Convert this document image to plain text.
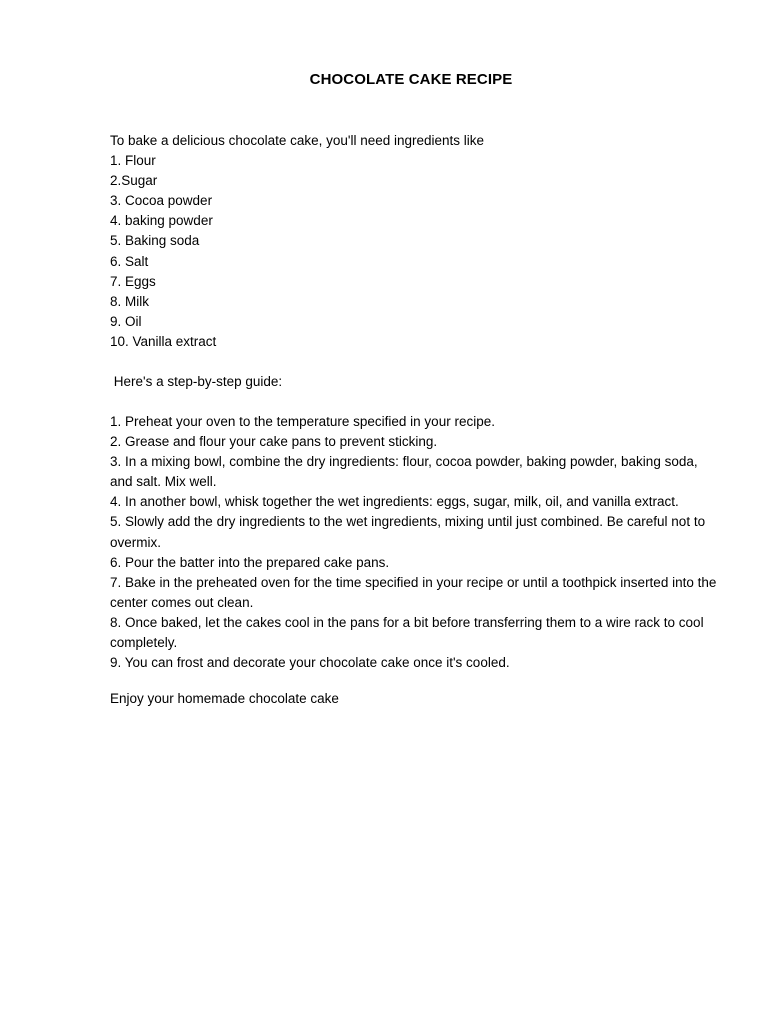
CHOCOLATE CAKE RECIPE
To bake a delicious chocolate cake, you'll need ingredients like
1. Flour
2.Sugar
3. Cocoa powder
4. baking powder
5. Baking soda
6. Salt
7. Eggs
8. Milk
9. Oil
10. Vanilla extract
Here's a step-by-step guide:
1. Preheat your oven to the temperature specified in your recipe.
2. Grease and flour your cake pans to prevent sticking.
3. In a mixing bowl, combine the dry ingredients: flour, cocoa powder, baking powder, baking soda, and salt. Mix well.
4. In another bowl, whisk together the wet ingredients: eggs, sugar, milk, oil, and vanilla extract.
5. Slowly add the dry ingredients to the wet ingredients, mixing until just combined. Be careful not to overmix.
6. Pour the batter into the prepared cake pans.
7. Bake in the preheated oven for the time specified in your recipe or until a toothpick inserted into the center comes out clean.
8. Once baked, let the cakes cool in the pans for a bit before transferring them to a wire rack to cool completely.
9. You can frost and decorate your chocolate cake once it's cooled.
Enjoy your homemade chocolate cake
